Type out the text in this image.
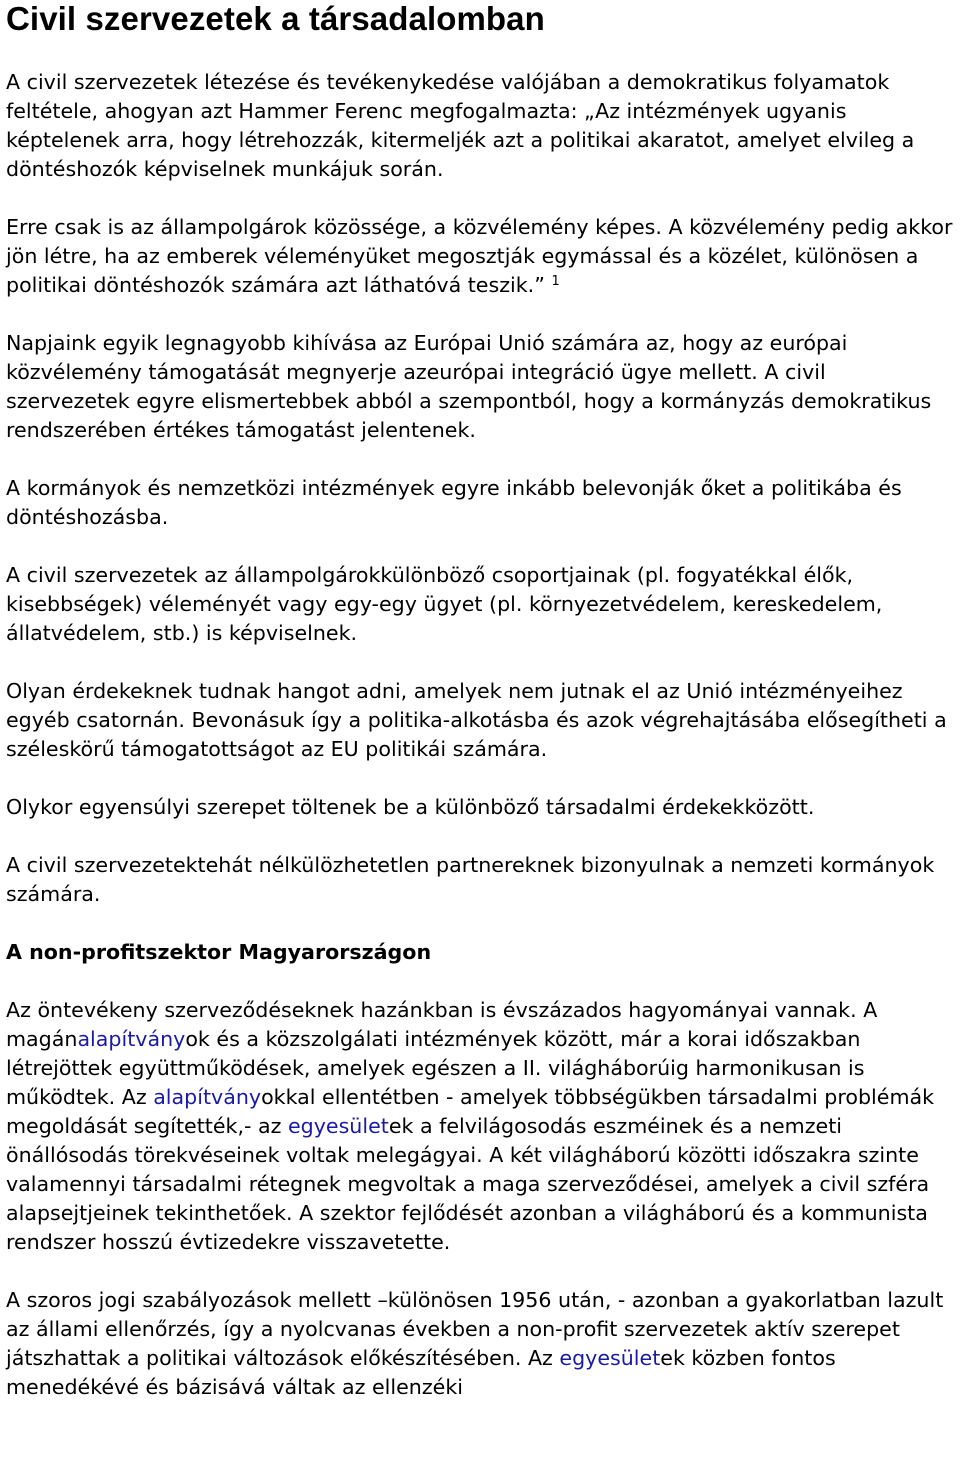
Civil szervezetek a társadalomban

A civil szervezetek létezése és tevékenykedése valójában a demokratikus folyamatok feltétele, ahogyan azt Hammer Ferenc megfogalmazta: „Az intézmények ugyanis képtelenek arra, hogy létrehozzák, kitermeljék azt a politikai akaratot, amelyet elvileg a döntéshozók képviselnek munkájuk során.

Erre csak is az állampolgárok közössége, a közvélemény képes. A közvélemény pedig akkor jön létre, ha az emberek véleményüket megosztják egymással és a közélet, különösen a politikai döntéshozók számára azt láthatóvá teszik.” $^1$

Napjaink egyik legnagyobb kihívása az Európai Unió számára az, hogy az európai közvélemény támogatását megnyerje azeurópai integráció ügye mellett. A civil szervezetek egyre elismertebbek abból a szempontból, hogy a kormányzás demokratikus rendszerében értékes támogatást jelentenek.

A kormányok és nemzetközi intézmények egyre inkább belevonják őket a politikába és döntéshozásba.

A civil szervezetek az állampolgárokkülönböző csoportjainak (pl. fogyatékkal élők, kisebbségek) véleményét vagy egy-egy ügyet (pl. környezetvédelem, kereskedelem, állatvédelem, stb.) is képviselnek.

Olyan érdekeknek tudnak hangot adni, amelyek nem jutnak el az Unió intézményeihez egyéb csatornán. Bevonásuk így a politika-alkotásba és azok végrehajtásába elősegítheti a széleskörű támogatottságot az EU politikái számára.

Olykor egyensúlyi szerepet töltenek be a különböző társadalmi érdekekközött.

A civil szervezetektehát nélkülözhetetlen partnereknek bizonyulnak a nemzeti kormányok számára.

A non-profitszektor Magyarországon

Az öntevékeny szerveződéseknek hazánkban is évszázados hagyományai vannak. A magánalapítványok és a közszolgálati intézmények között, már a korai időszakban létrejöttek együttműködések, amelyek egészen a II. világháborúig harmonikusan is működtek. Az alapítványokkal ellentétben - amelyek többségükben társadalmi problémák megoldását segítették,- az egyesületek a felvilágosodás eszméinek és a nemzeti önállósodás törekvéseinek voltak melegágyai. A két világháború közötti időszakra szinte valamennyi társadalmi rétegnek megvoltak a maga szerveződései, amelyek a civil szféra alapsejtjeinek tekinthetőek. A szektor fejlődését azonban a világháború és a kommunista rendszer hosszú évtizedekre visszavetette.

A szoros jogi szabályozások mellett –különösen 1956 után, - azonban a gyakorlatban lazult az állami ellenőrzés, így a nyolcvanas években a non-profit szervezetek aktív szerepet játszhattak a politikai változások előkészítésében. Az egyesületek közben fontos menedékévé és bázisává váltak az ellenzéki
